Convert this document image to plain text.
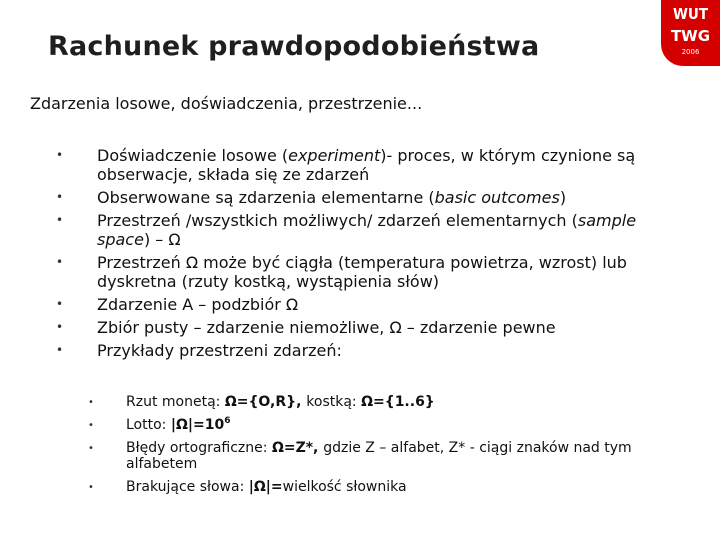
Rachunek prawdopodobieństwa
WUT
TWG
2006
Zdarzenia losowe, doświadczenia, przestrzenie...
• Doświadczenie losowe (experiment)- proces, w którym czynione są obserwacje, składa się ze zdarzeń
• Obserwowane są zdarzenia elementarne (basic outcomes)
• Przestrzeń /wszystkich możliwych/ zdarzeń elementarnych (sample space) – Ω
• Przestrzeń Ω może być ciągła (temperatura powietrza, wzrost) lub dyskretna (rzuty kostką, wystąpienia słów)
• Zdarzenie A – podzbiór Ω
• Zbiór pusty – zdarzenie niemożliwe, Ω – zdarzenie pewne
• Przykłady przestrzeni zdarzeń:
• Rzut monetą: Ω={O,R}, kostką: Ω={1..6}
• Lotto: $|\Omega|=10^6$
• Błędy ortograficzne: Ω=Z*, gdzie Z – alfabet, Z* - ciągi znaków nad tym alfabetem
• Brakujące słowa: |Ω|=wielkość słownika
